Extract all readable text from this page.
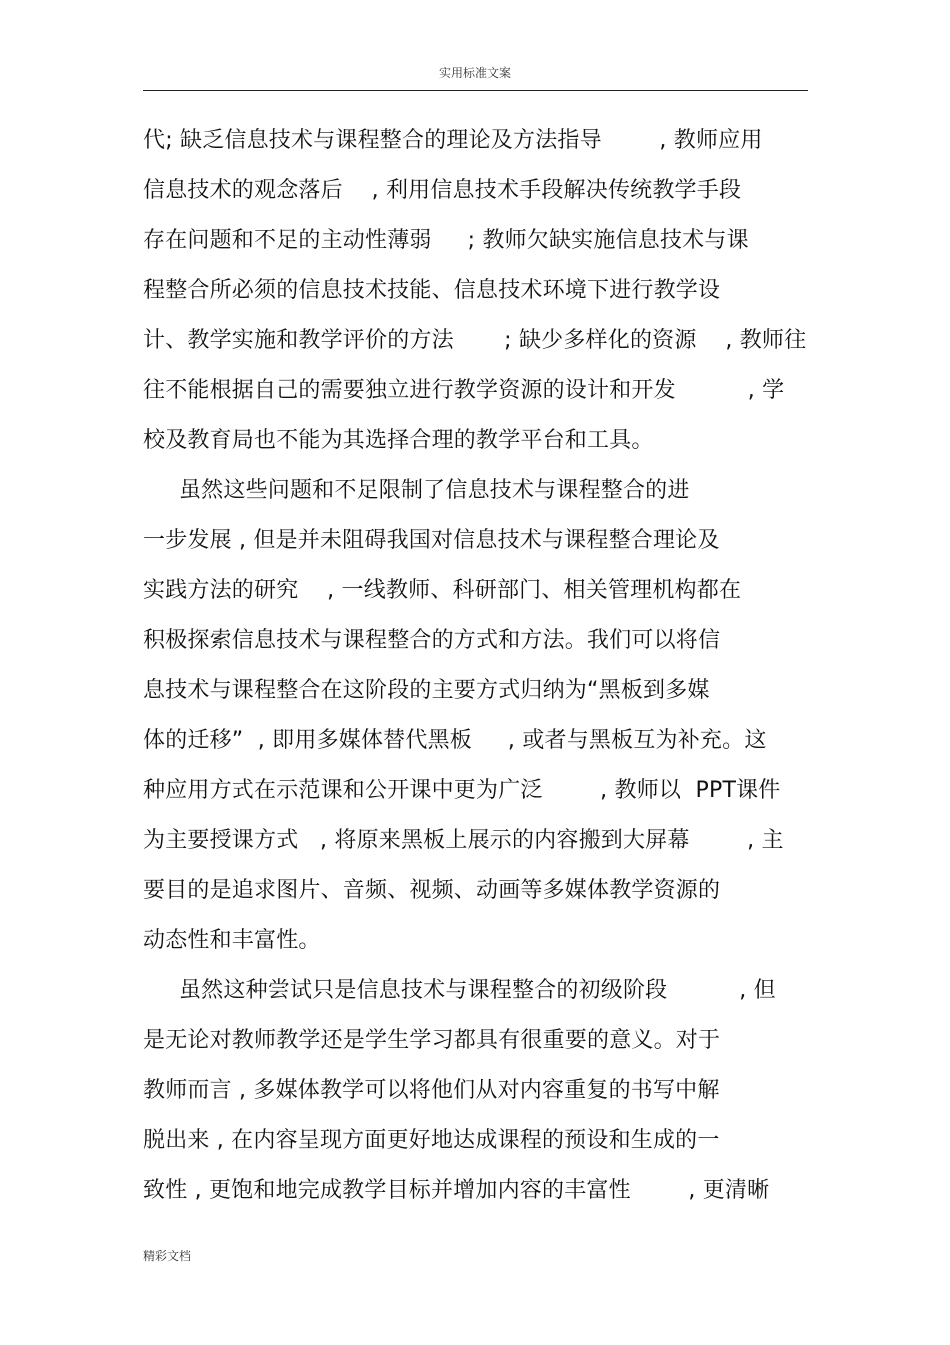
实用标准文案
代; 缺乏信息技术与课程整合的理论及方法指导        , 教师应用
信息技术的观念落后    , 利用信息技术手段解决传统教学手段
存在问题和不足的主动性薄弱     ; 教师欠缺实施信息技术与课
程整合所必须的信息技术技能、信息技术环境下进行教学设
计、教学实施和教学评价的方法       ; 缺少多样化的资源    , 教师往
往不能根据自己的需要独立进行教学资源的设计和开发          , 学
校及教育局也不能为其选择合理的教学平台和工具。
虽然这些问题和不足限制了信息技术与课程整合的进
一步发展 , 但是并未阻碍我国对信息技术与课程整合理论及
实践方法的研究    , 一线教师、科研部门、相关管理机构都在
积极探索信息技术与课程整合的方式和方法。我们可以将信
息技术与课程整合在这阶段的主要方式归纳为“黑板到多媒
体的迁移”  , 即用多媒体替代黑板     , 或者与黑板互为补充。这
种应用方式在示范课和公开课中更为广泛        , 教师以  PPT课件
为主要授课方式   , 将原来黑板上展示的内容搬到大屏幕        , 主
要目的是追求图片、音频、视频、动画等多媒体教学资源的
动态性和丰富性。
虽然这种尝试只是信息技术与课程整合的初级阶段          , 但
是无论对教师教学还是学生学习都具有很重要的意义。对于
教师而言 , 多媒体教学可以将他们从对内容重复的书写中解
脱出来 , 在内容呈现方面更好地达成课程的预设和生成的一
致性 , 更饱和地完成教学目标并增加内容的丰富性        , 更清晰
精彩文档
